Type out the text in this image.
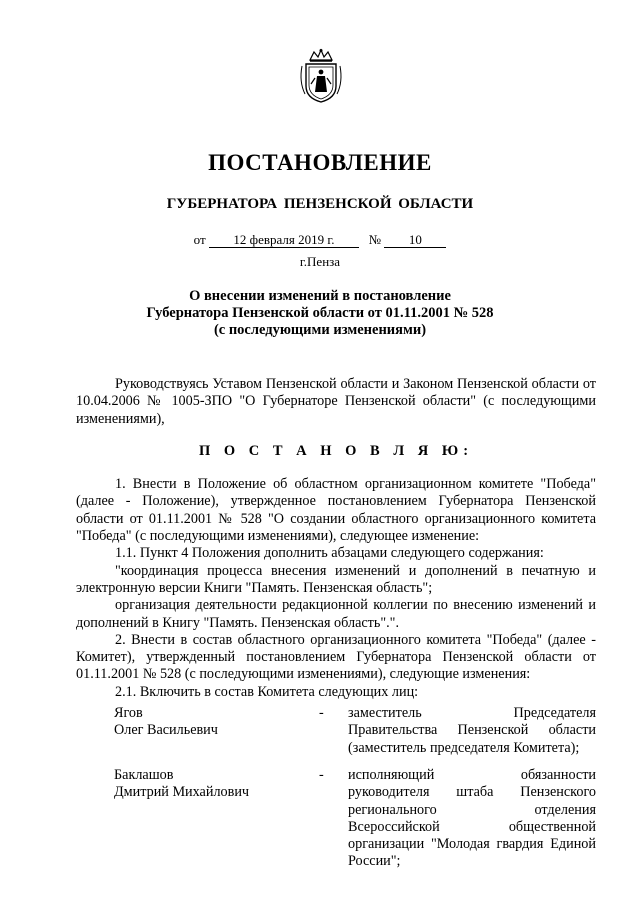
ПОСТАНОВЛЕНИЕ
ГУБЕРНАТОРА ПЕНЗЕНСКОЙ ОБЛАСТИ
от 12 февраля 2019 г.	№ 10
г.Пенза
О внесении изменений в постановление
Губернатора Пензенской области от 01.11.2001 № 528
(с последующими изменениями)

Руководствуясь Уставом Пензенской области и Законом Пензенской области от 10.04.2006 № 1005-ЗПО "О Губернаторе Пензенской области" (с последующими изменениями),

П О С Т А Н О В Л Я Ю:

1. Внести в Положение об областном организационном комитете "Победа" (далее - Положение), утвержденное постановлением Губернатора Пензенской области от 01.11.2001 № 528 "О создании областного организационного комитета "Победа" (с последующими изменениями), следующее изменение:

1.1. Пункт 4 Положения дополнить абзацами следующего содержания:

"координация процесса внесения изменений и дополнений в печатную и электронную версии Книги "Память. Пензенская область";

организация деятельности редакционной коллегии по внесению изменений и дополнений в Книгу "Память. Пензенская область".".

2. Внести в состав областного организационного комитета "Победа" (далее - Комитет), утвержденный постановлением Губернатора Пензенской области от 01.11.2001 № 528 (с последующими изменениями), следующие изменения:

2.1. Включить в состав Комитета следующих лиц:

Ягов
Олег Васильевич
-	заместитель Председателя Правительства Пензенской области (заместитель председателя Комитета);
Баклашов
Дмитрий Михайлович
-	исполняющий обязанности руководителя штаба Пензенского регионального отделения Всероссийской общественной организации "Молодая гвардия Единой России";
